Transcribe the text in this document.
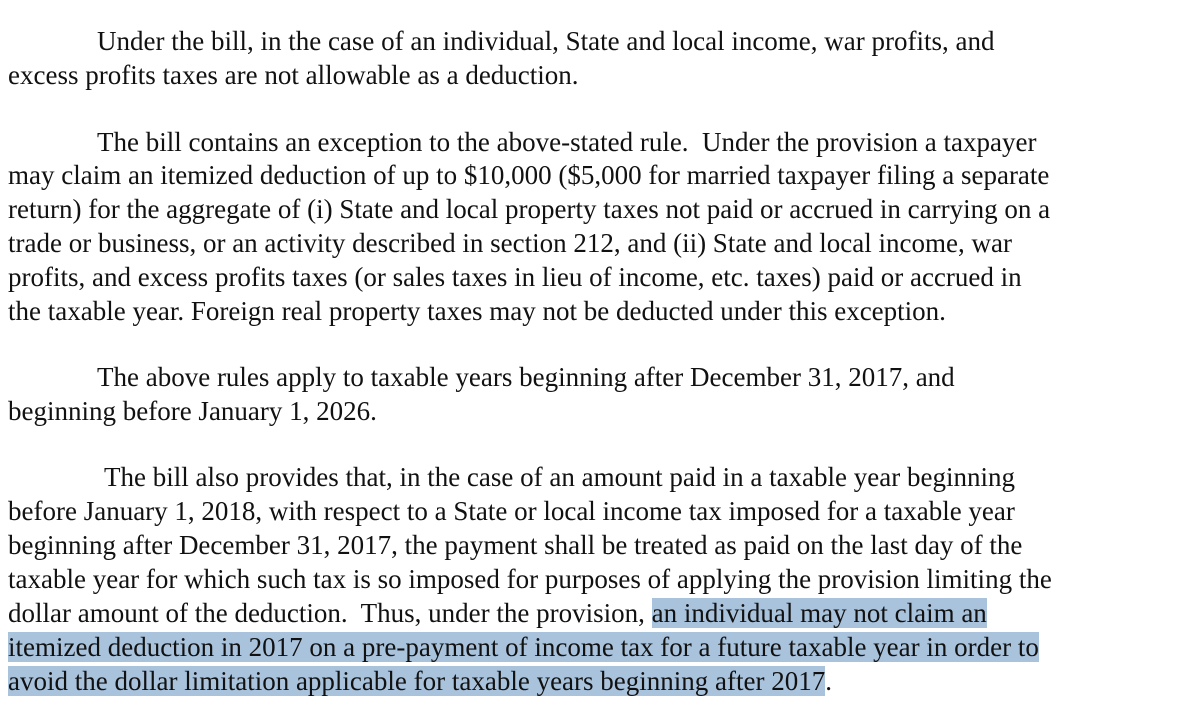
Under the bill, in the case of an individual, State and local income, war profits, and
excess profits taxes are not allowable as a deduction.
The bill contains an exception to the above-stated rule.  Under the provision a taxpayer
may claim an itemized deduction of up to $10,000 ($5,000 for married taxpayer filing a separate
return) for the aggregate of (i) State and local property taxes not paid or accrued in carrying on a
trade or business, or an activity described in section 212, and (ii) State and local income, war
profits, and excess profits taxes (or sales taxes in lieu of income, etc. taxes) paid or accrued in
the taxable year. Foreign real property taxes may not be deducted under this exception.
The above rules apply to taxable years beginning after December 31, 2017, and
beginning before January 1, 2026.
The bill also provides that, in the case of an amount paid in a taxable year beginning
before January 1, 2018, with respect to a State or local income tax imposed for a taxable year
beginning after December 31, 2017, the payment shall be treated as paid on the last day of the
taxable year for which such tax is so imposed for purposes of applying the provision limiting the
dollar amount of the deduction.  Thus, under the provision, an individual may not claim an
itemized deduction in 2017 on a pre-payment of income tax for a future taxable year in order to
avoid the dollar limitation applicable for taxable years beginning after 2017.
